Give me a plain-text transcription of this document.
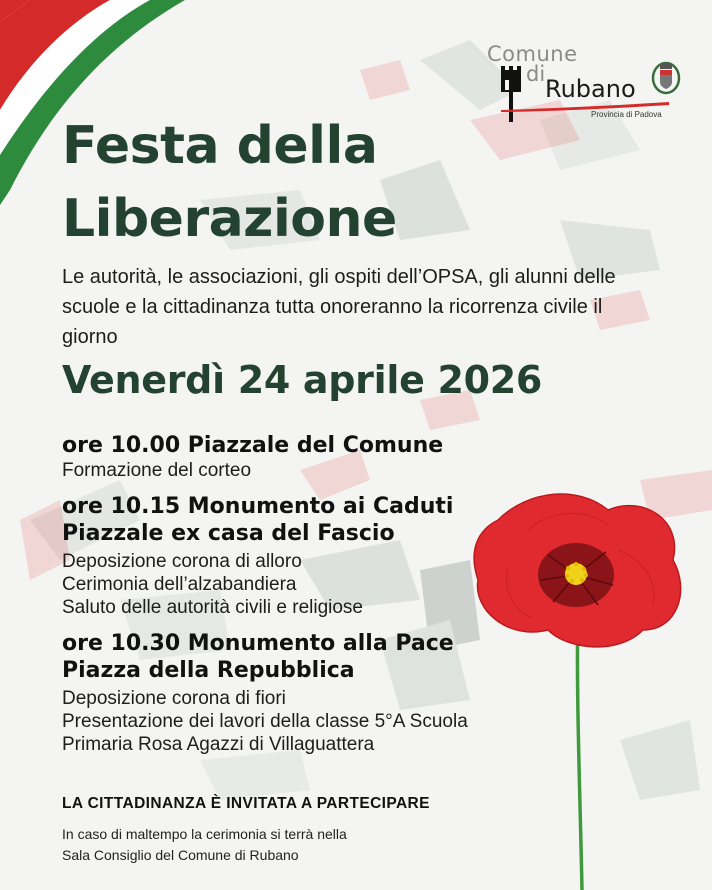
Comune
di
Rubano
Provincia di Padova
Festa della
Liberazione

Le autorità, le associazioni, gli ospiti dell’OPSA, gli alunni delle scuole e la cittadinanza tutta onoreranno la ricorrenza civile il giorno

Venerdì 24 aprile 2026
ore 10.00 Piazzale del Comune

Formazione del corteo

ore 10.15 Monumento ai Caduti
Piazzale ex casa del Fascio

Deposizione corona di alloro

Cerimonia dell’alzabandiera

Saluto delle autorità civili e religiose

ore 10.30 Monumento alla Pace
Piazza della Repubblica

Deposizione corona di fiori

Presentazione dei lavori della classe 5°A Scuola

Primaria Rosa Agazzi di Villaguattera

LA CITTADINANZA È INVITATA A PARTECIPARE

In caso di maltempo la cerimonia si terrà nella
Sala Consiglio del Comune di Rubano
